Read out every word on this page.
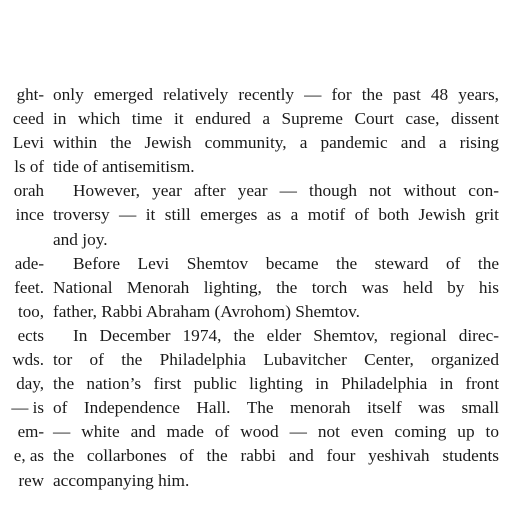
ght-
ceed
Levi
ls of
orah
ince
ade-
feet.
too,
ects
wds.
day,
— is
em-
e, as
rew
only emerged relatively recently — for the past 48 years,
in which time it endured a Supreme Court case, dissent
within the Jewish community, a pandemic and a rising
tide of antisemitism.
However, year after year — though not without con-
troversy — it still emerges as a motif of both Jewish grit
and joy.
Before Levi Shemtov became the steward of the
National Menorah lighting, the torch was held by his
father, Rabbi Abraham (Avrohom) Shemtov.
In December 1974, the elder Shemtov, regional direc-
tor of the Philadelphia Lubavitcher Center, organized
the nation’s first public lighting in Philadelphia in front
of Independence Hall. The menorah itself was small
— white and made of wood — not even coming up to
the collarbones of the rabbi and four yeshivah students
accompanying him.
